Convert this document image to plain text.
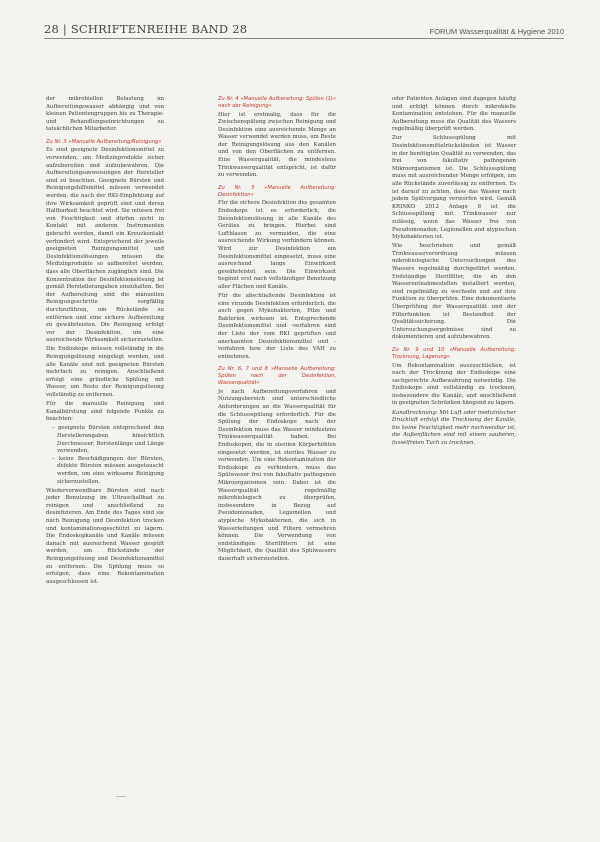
28 | SCHRIFTENREIHE BAND 28	FORUM Wasserqualität & Hygiene 2010

der mikrobiellen Belastung im Aufbereitungswasser abhängig und von kleinen Patientengruppen bis zu Therapie- und Behandlungseinrichtungen zu tatsächlichen Mitarbeiter.

Zu Nr. 3 »Manuelle Aufbereitung/Reinigung«

Es sind geeignete Desinfektionsmittel zu verwenden, um Medizinprodukte sicher aufzubereiten und aufzubewahren. Die Aufbereitungsanweisungen der Hersteller sind zu beachten. Geeignete Bürsten und Reinigungshilfsmittel müssen verwendet werden, die nach der RKI-Empfehlung auf ihre Wirksamkeit geprüft sind und deren Haltbarkeit beachtet wird. Sie müssen frei von Feuchtigkeit und dürfen nicht in Kontakt mit anderen Instrumenten gebracht werden, damit ein Kreuzkontakt verhindert wird. Entsprechend der jeweils geeigneten Reinigungsmittel und Desinfektionslösungen müssen die Medizinprodukte so aufbereitet werden, dass alle Oberflächen zugänglich sind. Die Konzentration der Desinfektionslösung ist gemäß Herstellerangaben einzuhalten. Bei der Aufbereitung sind die manuellen Reinigungsschritte sorgfältig durchzuführen, um Rückstände zu entfernen und eine sichere Aufbereitung zu gewährleisten. Die Reinigung erfolgt vor der Desinfektion, um eine ausreichende Wirksamkeit sicherzustellen.

Die Endoskope müssen vollständig in die Reinigungslösung eingelegt werden, und alle Kanäle sind mit geeigneten Bürsten mehrfach zu reinigen. Anschließend erfolgt eine gründliche Spülung mit Wasser, um Reste der Reinigungslösung vollständig zu entfernen.

Für die manuelle Reinigung und Kanalbürstung sind folgende Punkte zu beachten:

– geeignete Bürsten entsprechend den Herstellerangaben hinsichtlich Durchmesser, Borstenlänge und Länge verwenden,
– keine Beschädigungen der Bürsten, defekte Bürsten müssen ausgetauscht werden, um eine wirksame Reinigung sicherzustellen.

Wiederverwendbare Bürsten sind nach jeder Benutzung im Ultraschallbad zu reinigen und anschließend zu desinfizieren. Am Ende des Tages sind sie nach Reinigung und Desinfektion trocken und kontaminationsgeschützt zu lagern. Die Endoskopkanäle und Kanäle müssen danach mit ausreichend Wasser gespült werden, um Rückstände der Reinigungslösung und Desinfektionsmittel zu entfernen. Die Spülung muss so erfolgen, dass eine Rekontamination ausgeschlossen ist.

Zu Nr. 4 »Manuelle Aufbereitung: Spülen (1)« nach der Reinigung«

Hier ist erstmalig, dass für die Zwischenspülung zwischen Reinigung und Desinfektion eine ausreichende Menge an Wasser verwendet werden muss, um Reste der Reinigungslösung aus den Kanälen und von den Oberflächen zu entfernen. Eine Wasserqualität, die mindestens Trinkwasserqualität entspricht, ist dafür zu verwenden.

Zu Nr. 5 »Manuelle Aufbereitung: Desinfektion«

Für die sichere Desinfektion des gesamten Endoskops ist es erforderlich, die Desinfektionslösung in alle Kanäle des Gerätes zu bringen. Hierbei sind Luftblasen zu vermeiden, die eine ausreichende Wirkung verhindern können. Wird zur Desinfektion ein Desinfektionsmittel eingesetzt, muss eine ausreichend lange Einwirkzeit gewährleistet sein. Die Einwirkzeit beginnt erst nach vollständiger Benetzung aller Flächen und Kanäle.

Für die abschließende Desinfektion ist eine viruzide Desinfektion erforderlich, die auch gegen Mykobakterien, Pilze und Bakterien wirksam ist. Entsprechende Desinfektionsmittel und -verfahren sind der Liste der vom RKI geprüften und anerkannten Desinfektionsmittel und -verfahren bzw. der Liste des VAH zu entnehmen.

Zu Nr. 6, 7 und 8 »Manuelle Aufbereitung: Spülen nach der Desinfektion, Wasserqualität«

Je nach Aufbereitungsverfahren und Nutzungsbereich sind unterschiedliche Anforderungen an die Wasserqualität für die Schlussspülung erforderlich. Für die Spülung der Endoskope nach der Desinfektion muss das Wasser mindestens Trinkwasserqualität haben. Bei Endoskopen, die in sterilen Körperhöhlen eingesetzt werden, ist steriles Wasser zu verwenden. Um eine Rekontamination der Endoskope zu verhindern, muss das Spülwasser frei von fakultativ pathogenen Mikroorganismen sein. Dabei ist die Wasserqualität regelmäßig mikrobiologisch zu überprüfen, insbesondere in Bezug auf Pseudomonaden, Legionellen und atypische Mykobakterien, die sich in Wasserleitungen und Filtern vermehren können. Die Verwendung von endständigen Sterilfiltern ist eine Möglichkeit, die Qualität des Spülwassers dauerhaft sicherzustellen.

oder Patienten Anlagen sind dagegen häufig und erfolgt können durch mikrobielle Kontamination entstehen. Für die manuelle Aufbereitung muss die Qualität des Wassers regelmäßig überprüft werden.

Zur Schlussspülung mit Desinfektionsmittelrückständen ist Wasser in der benötigten Qualität zu verwenden, das frei von fakultativ pathogenen Mikroorganismen ist. Die Schlussspülung muss mit ausreichender Menge erfolgen, um alle Rückstände zuverlässig zu entfernen. Es ist darauf zu achten, dass das Wasser nach jedem Spülvorgang verworfen wird. Gemäß KRINKO 2012 Anlage 8 ist die Schlussspülung mit Trinkwasser nur zulässig, wenn das Wasser frei von Pseudomonaden, Legionellen und atypischen Mykobakterien ist.

Wie beschrieben und gemäß Trinkwasserverordnung müssen mikrobiologische Untersuchungen des Wassers regelmäßig durchgeführt werden. Endständige Sterilfilter, die an den Wasserentnahmestellen installiert werden, sind regelmäßig zu wechseln und auf ihre Funktion zu überprüfen. Eine dokumentierte Überprüfung der Wasserqualität und der Filterfunktion ist Bestandteil der Qualitätssicherung. Die Untersuchungsergebnisse sind zu dokumentieren und aufzubewahren.

Zu Nr. 9 und 10 »Manuelle Aufbereitung: Trocknung, Lagerung«

Um Rekontamination auszuschließen, ist nach der Trocknung der Endoskope eine sachgerechte Aufbewahrung notwendig. Die Endoskope sind vollständig zu trocknen, insbesondere die Kanäle, und anschließend in geeigneten Schränken hängend zu lagern.

Kanaltrocknung: Mit Luft oder medizinischer Druckluft erfolgt die Trocknung der Kanäle, bis keine Feuchtigkeit mehr nachweisbar ist, die Außenflächen sind mit einem sauberen, fusselfreien Tuch zu trocknen.
